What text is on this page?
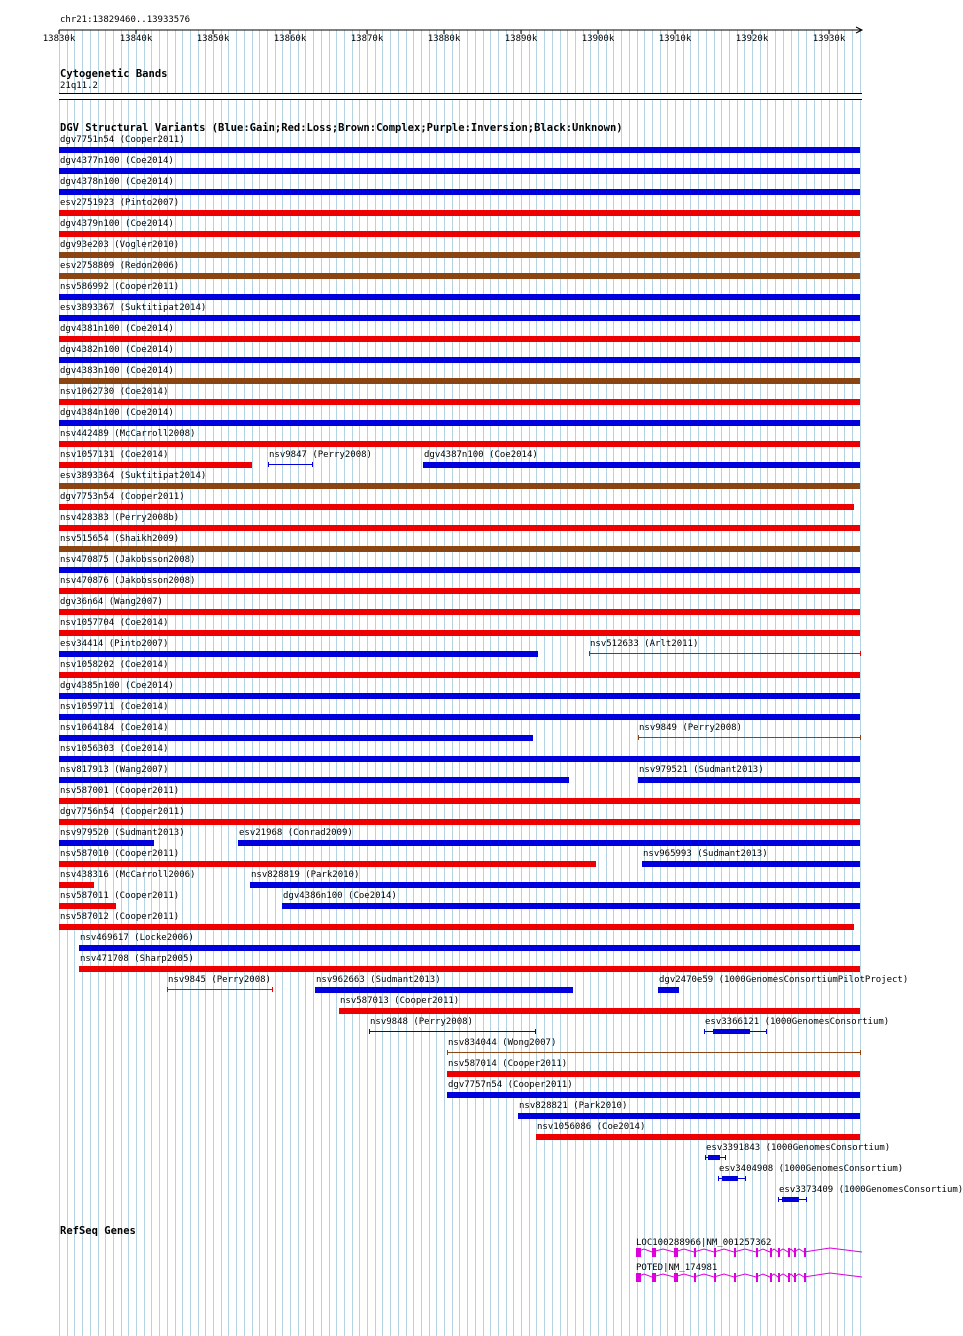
chr21:13829460..13933576
13830k	13840k	13850k	13860k	13870k	13880k	13890k	13900k	13910k	13920k	13930k
Cytogenetic Bands
21q11.2
DGV Structural Variants (Blue:Gain;Red:Loss;Brown:Complex;Purple:Inversion;Black:Unknown)
dgv7751n54 (Cooper2011)
dgv4377n100 (Coe2014)
dgv4378n100 (Coe2014)
esv2751923 (Pinto2007)
dgv4379n100 (Coe2014)
dgv93e203 (Vogler2010)
esv2758809 (Redon2006)
nsv586992 (Cooper2011)
esv3893367 (Suktitipat2014)
dgv4381n100 (Coe2014)
dgv4382n100 (Coe2014)
dgv4383n100 (Coe2014)
nsv1062730 (Coe2014)
dgv4384n100 (Coe2014)
nsv442489 (McCarroll2008)
nsv1057131 (Coe2014)	nsv9847 (Perry2008)	dgv4387n100 (Coe2014)
esv3893364 (Suktitipat2014)
dgv7753n54 (Cooper2011)
nsv428383 (Perry2008b)
nsv515654 (Shaikh2009)
nsv470875 (Jakobsson2008)
nsv470876 (Jakobsson2008)
dgv36n64 (Wang2007)
nsv1057704 (Coe2014)
esv34414 (Pinto2007)	nsv512633 (Arlt2011)
nsv1058202 (Coe2014)
dgv4385n100 (Coe2014)
nsv1059711 (Coe2014)
nsv1064184 (Coe2014)	nsv9849 (Perry2008)
nsv1056303 (Coe2014)
nsv817913 (Wang2007)	nsv979521 (Sudmant2013)
nsv587001 (Cooper2011)
dgv7756n54 (Cooper2011)
nsv979520 (Sudmant2013)	esv21968 (Conrad2009)
nsv587010 (Cooper2011)	nsv965993 (Sudmant2013)
nsv438316 (McCarroll2006)	nsv828819 (Park2010)
nsv587011 (Cooper2011)	dgv4386n100 (Coe2014)
nsv587012 (Cooper2011)
nsv469617 (Locke2006)
nsv471708 (Sharp2005)
nsv9845 (Perry2008)	nsv962663 (Sudmant2013)	dgv2470e59 (1000GenomesConsortiumPilotProject)
nsv587013 (Cooper2011)
nsv9848 (Perry2008)	esv3366121 (1000GenomesConsortium)
nsv834044 (Wong2007)
nsv587014 (Cooper2011)
dgv7757n54 (Cooper2011)
nsv828821 (Park2010)
nsv1056086 (Coe2014)
esv3391843 (1000GenomesConsortium)
esv3404908 (1000GenomesConsortium)
esv3373409 (1000GenomesConsortium)
RefSeq Genes
LOC100288966|NM_001257362
POTED|NM_174981
